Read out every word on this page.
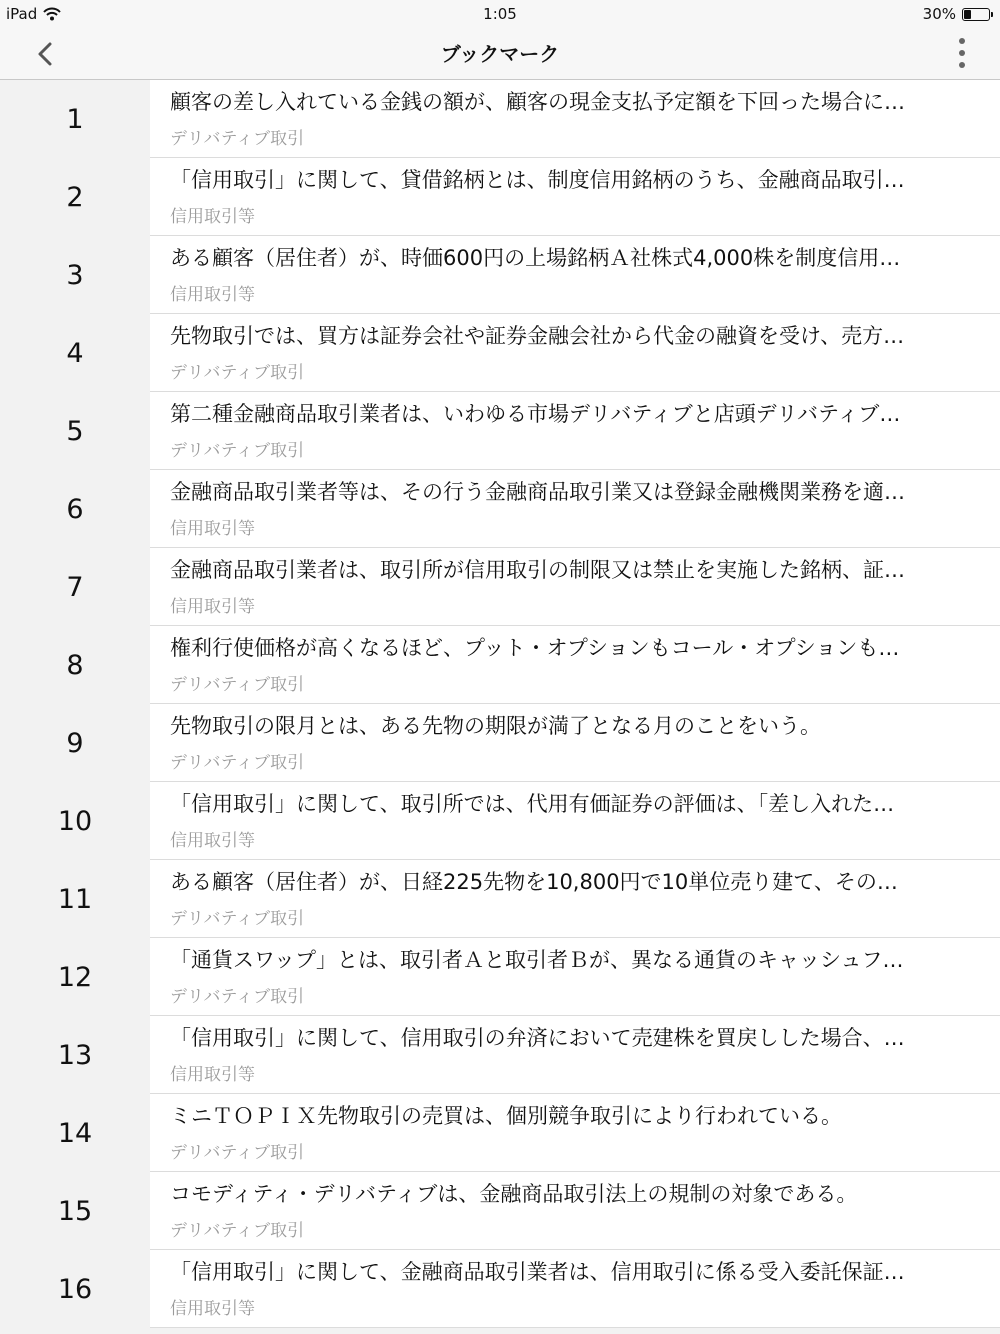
iPad	1:05	30%
ブックマーク
1
顧客の差し入れている金銭の額が、顧客の現金支払予定額を下回った場合に…
デリバティブ取引
2
「信用取引」に関して、貸借銘柄とは、制度信用銘柄のうち、金融商品取引…
信用取引等
3
ある顧客（居住者）が、時価600円の上場銘柄Ａ社株式4,000株を制度信用…
信用取引等
4
先物取引では、買方は証券会社や証券金融会社から代金の融資を受け、売方…
デリバティブ取引
5
第二種金融商品取引業者は、いわゆる市場デリバティブと店頭デリバティブ…
デリバティブ取引
6
金融商品取引業者等は、その行う金融商品取引業又は登録金融機関業務を適…
信用取引等
7
金融商品取引業者は、取引所が信用取引の制限又は禁止を実施した銘柄、証…
信用取引等
8
権利行使価格が高くなるほど、プット・オプションもコール・オプションも…
デリバティブ取引
9
先物取引の限月とは、ある先物の期限が満了となる月のことをいう。
デリバティブ取引
10
「信用取引」に関して、取引所では、代用有価証券の評価は、「差し入れた…
信用取引等
11
ある顧客（居住者）が、日経225先物を10,800円で10単位売り建て、その…
デリバティブ取引
12
「通貨スワップ」とは、取引者Ａと取引者Ｂが、異なる通貨のキャッシュフ…
デリバティブ取引
13
「信用取引」に関して、信用取引の弁済において売建株を買戻しした場合、…
信用取引等
14
ミニＴＯＰＩＸ先物取引の売買は、個別競争取引により行われている。
デリバティブ取引
15
コモディティ・デリバティブは、金融商品取引法上の規制の対象である。
デリバティブ取引
16
「信用取引」に関して、金融商品取引業者は、信用取引に係る受入委託保証…
信用取引等
